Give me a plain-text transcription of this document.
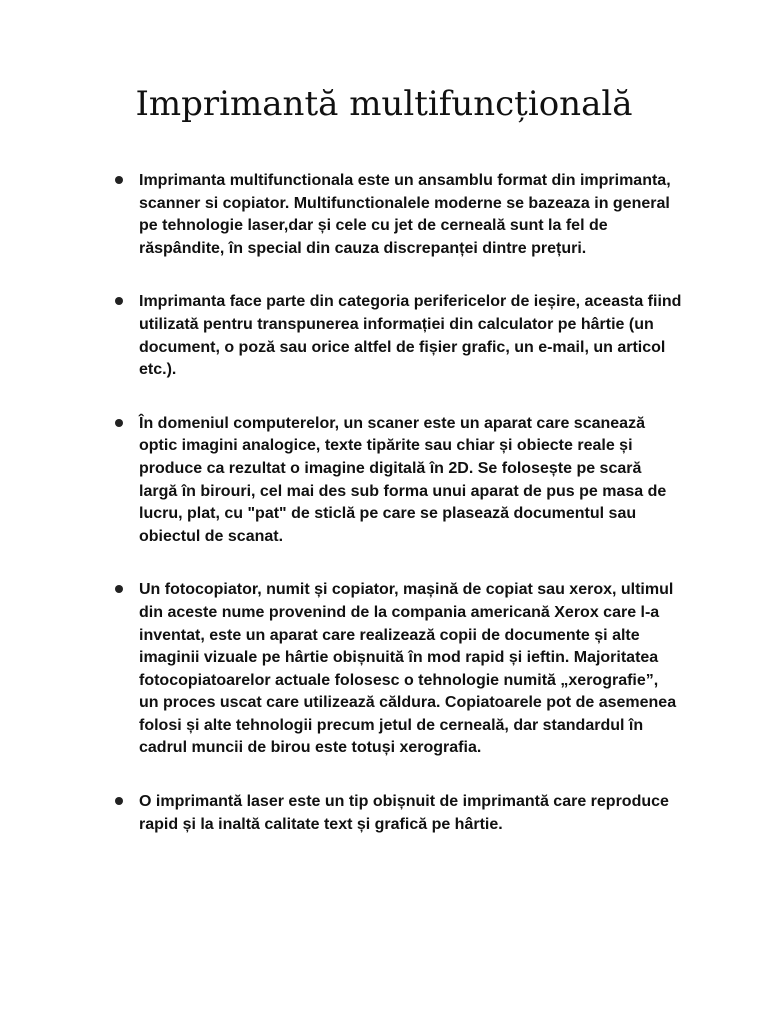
Imprimantă multifuncțională
Imprimanta multifunctionala este un ansamblu format din imprimanta, scanner si copiator. Multifunctionalele moderne se bazeaza in general pe tehnologie laser,dar și cele cu jet de cerneală sunt la fel de răspândite, în special din cauza discrepanței dintre prețuri.
Imprimanta face parte din categoria perifericelor de ieșire, aceasta fiind utilizată pentru transpunerea informației din calculator pe hârtie (un document, o poză sau orice altfel de fișier grafic, un e-mail, un articol etc.).
În domeniul computerelor, un scaner este un aparat care scanează optic imagini analogice, texte tipărite sau chiar și obiecte reale și produce ca rezultat o imagine digitală în 2D. Se folosește pe scară largă în birouri, cel mai des sub forma unui aparat de pus pe masa de lucru, plat, cu "pat" de sticlă pe care se plasează documentul sau obiectul de scanat.
Un fotocopiator, numit și copiator, mașină de copiat sau xerox, ultimul din aceste nume provenind de la compania americană Xerox care l-a inventat, este un aparat care realizează copii de documente și alte imaginii vizuale pe hârtie obișnuită în mod rapid și ieftin. Majoritatea fotocopiatoarelor actuale folosesc o tehnologie numită „xerografie”, un proces uscat care utilizează căldura. Copiatoarele pot de asemenea folosi și alte tehnologii precum jetul de cerneală, dar standardul în cadrul muncii de birou este totuși xerografia.
O imprimantă laser este un tip obișnuit de imprimantă care reproduce rapid și la inaltă calitate text și grafică pe hârtie.
